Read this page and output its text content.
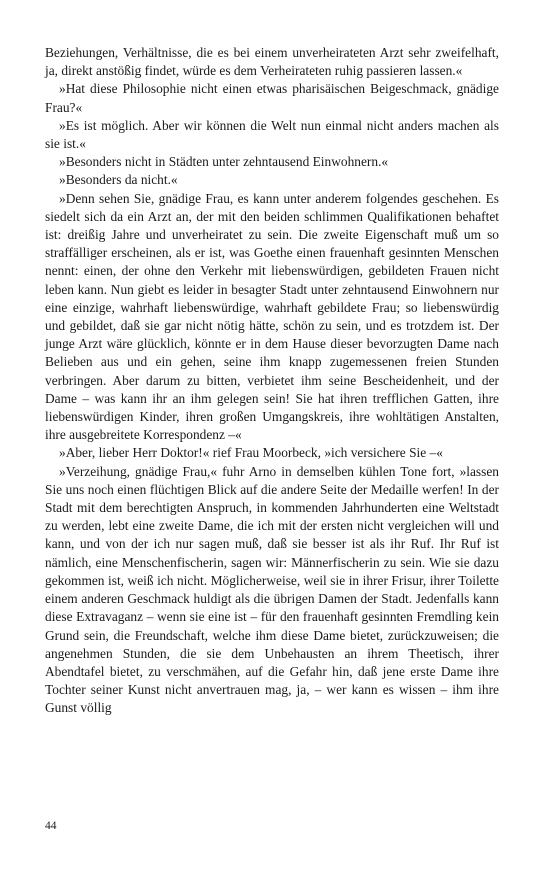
Beziehungen, Verhältnisse, die es bei einem unverheirateten Arzt sehr zweifelhaft, ja, direkt anstößig findet, würde es dem Verheirateten ruhig passieren lassen.«

»Hat diese Philosophie nicht einen etwas pharisäischen Beigeschmack, gnädige Frau?«

»Es ist möglich. Aber wir können die Welt nun einmal nicht anders machen als sie ist.«

»Besonders nicht in Städten unter zehntausend Einwohnern.«

»Besonders da nicht.«

»Denn sehen Sie, gnädige Frau, es kann unter anderem folgendes geschehen. Es siedelt sich da ein Arzt an, der mit den beiden schlimmen Qualifikationen behaftet ist: dreißig Jahre und unverheiratet zu sein. Die zweite Eigenschaft muß um so straffälliger erscheinen, als er ist, was Goethe einen frauenhaft gesinnten Menschen nennt: einen, der ohne den Verkehr mit liebenswürdigen, gebildeten Frauen nicht leben kann. Nun giebt es leider in besagter Stadt unter zehntausend Einwohnern nur eine einzige, wahrhaft liebenswürdige, wahrhaft gebildete Frau; so liebenswürdig und gebildet, daß sie gar nicht nötig hätte, schön zu sein, und es trotzdem ist. Der junge Arzt wäre glücklich, könnte er in dem Hause dieser bevorzugten Dame nach Belieben aus und ein gehen, seine ihm knapp zugemessenen freien Stunden verbringen. Aber darum zu bitten, verbietet ihm seine Bescheidenheit, und der Dame – was kann ihr an ihm gelegen sein! Sie hat ihren trefflichen Gatten, ihre liebenswürdigen Kinder, ihren großen Umgangskreis, ihre wohltätigen Anstalten, ihre ausgebreitete Korrespondenz –«

»Aber, lieber Herr Doktor!« rief Frau Moorbeck, »ich versichere Sie –«

»Verzeihung, gnädige Frau,« fuhr Arno in demselben kühlen Tone fort, »lassen Sie uns noch einen flüchtigen Blick auf die andere Seite der Medaille werfen! In der Stadt mit dem berechtigten Anspruch, in kommenden Jahrhunderten eine Weltstadt zu werden, lebt eine zweite Dame, die ich mit der ersten nicht vergleichen will und kann, und von der ich nur sagen muß, daß sie besser ist als ihr Ruf. Ihr Ruf ist nämlich, eine Menschenfischerin, sagen wir: Männerfischerin zu sein. Wie sie dazu gekommen ist, weiß ich nicht. Möglicherweise, weil sie in ihrer Frisur, ihrer Toilette einem anderen Geschmack huldigt als die übrigen Damen der Stadt. Jedenfalls kann diese Extravaganz – wenn sie eine ist – für den frauenhaft gesinnten Fremdling kein Grund sein, die Freundschaft, welche ihm diese Dame bietet, zurückzuweisen; die angenehmen Stunden, die sie dem Unbehausten an ihrem Theetisch, ihrer Abendtafel bietet, zu verschmähen, auf die Gefahr hin, daß jene erste Dame ihre Tochter seiner Kunst nicht anvertrauen mag, ja, – wer kann es wissen – ihm ihre Gunst völlig

44
